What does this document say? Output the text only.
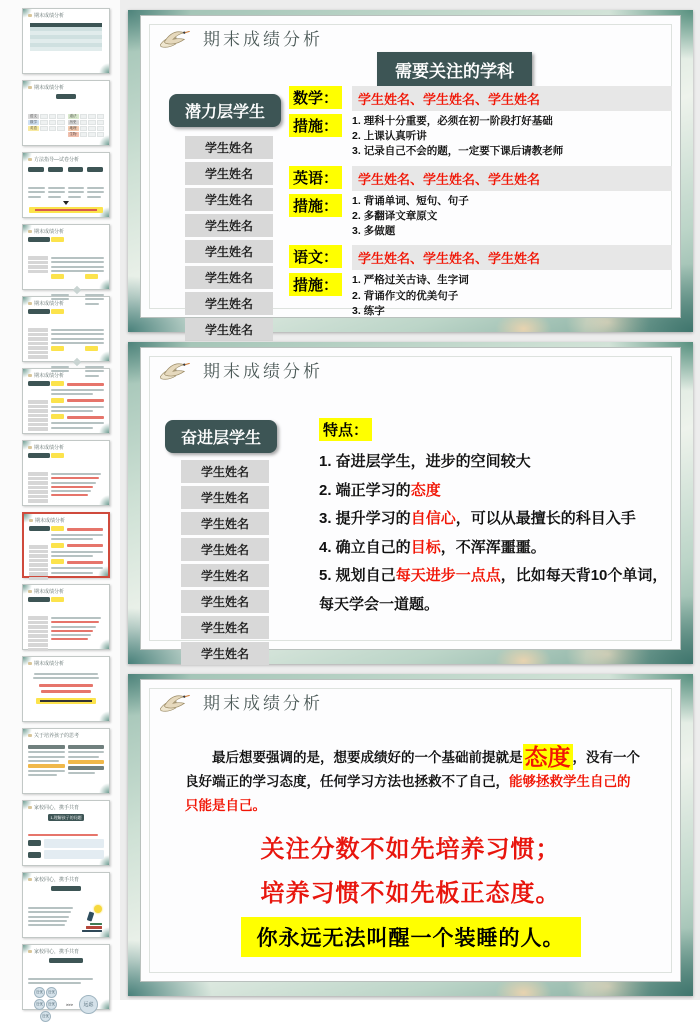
期末成绩分析
期末成绩分析
语文
数学
英语
道法
历史
地理
生物
方法指导—试卷分析
期末成绩分析
期末成绩分析
期末成绩分析
期末成绩分析
期末成绩分析
期末成绩分析
期末成绩分析
关于培养孩子的思考
家校同心，携手共育
1.理解孩子的问题
家校同心，携手共育
家校同心，携手共育
近忧	近忧
近忧	近忧
近忧
>>>	远虑
期末成绩分析
需要关注的学科
潜力层学生
学生姓名
学生姓名
学生姓名
学生姓名
学生姓名
学生姓名
学生姓名
学生姓名
数学：	学生姓名、学生姓名、学生姓名
措施：	1. 理科十分重要，必须在初一阶段打好基础
2. 上课认真听讲
3. 记录自己不会的题，一定要下课后请教老师
英语：	学生姓名、学生姓名、学生姓名
措施：	1. 背诵单词、短句、句子
2. 多翻译文章原文
3. 多做题
语文：	学生姓名、学生姓名、学生姓名
措施：	1. 严格过关古诗、生字词
2. 背诵作文的优美句子
3. 练字
期末成绩分析
奋进层学生
学生姓名
学生姓名
学生姓名
学生姓名
学生姓名
学生姓名
学生姓名
学生姓名
特点：
1. 奋进层学生，进步的空间较大
2. 端正学习的态度
3. 提升学习的自信心，可以从最擅长的科目入手
4. 确立自己的目标，不浑浑噩噩。
5. 规划自己每天进步一点点，比如每天背10个单词，每天学会一道题。
期末成绩分析

最后想要强调的是，想要成绩好的一个基础前提就是态度 ，没有一个良好端正的学习态度，任何学习方法也拯救不了自己，能够拯救学生自己的只能是自己。

关注分数不如先培养习惯；
培养习惯不如先板正态度。
你永远无法叫醒一个装睡的人。
